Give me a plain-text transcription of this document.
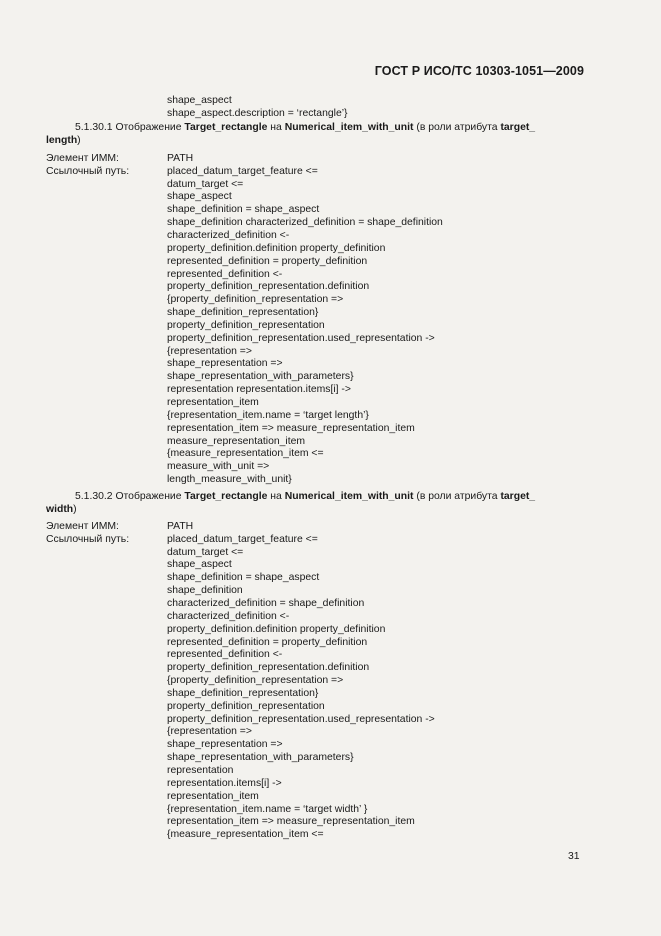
ГОСТ Р ИСО/ТС 10303-1051—2009
shape_aspect
shape_aspect.description = ‘rectangle’}
5.1.30.1 Отображение Target_rectangle на Numerical_item_with_unit (в роли атрибута target_
length)
Элемент ИММ:	PATH
Ссылочный путь:	placed_datum_target_feature <=
datum_target <=
shape_aspect
shape_definition = shape_aspect
shape_definition characterized_definition = shape_definition
characterized_definition <-
property_definition.definition property_definition
represented_definition = property_definition
represented_definition <-
property_definition_representation.definition
{property_definition_representation =>
shape_definition_representation}
property_definition_representation
property_definition_representation.used_representation ->
{representation =>
shape_representation =>
shape_representation_with_parameters}
representation representation.items[i] ->
representation_item
{representation_item.name = ‘target length’}
representation_item => measure_representation_item
measure_representation_item
{measure_representation_item <=
measure_with_unit =>
length_measure_with_unit}
5.1.30.2 Отображение Target_rectangle на Numerical_item_with_unit (в роли атрибута target_
width)
Элемент ИММ:	PATH
Ссылочный путь:	placed_datum_target_feature <=
datum_target <=
shape_aspect
shape_definition = shape_aspect
shape_definition
characterized_definition = shape_definition
characterized_definition <-
property_definition.definition property_definition
represented_definition = property_definition
represented_definition <-
property_definition_representation.definition
{property_definition_representation =>
shape_definition_representation}
property_definition_representation
property_definition_representation.used_representation ->
{representation =>
shape_representation =>
shape_representation_with_parameters}
representation
representation.items[i] ->
representation_item
{representation_item.name = ‘target width’ }
representation_item => measure_representation_item
{measure_representation_item <=
31
